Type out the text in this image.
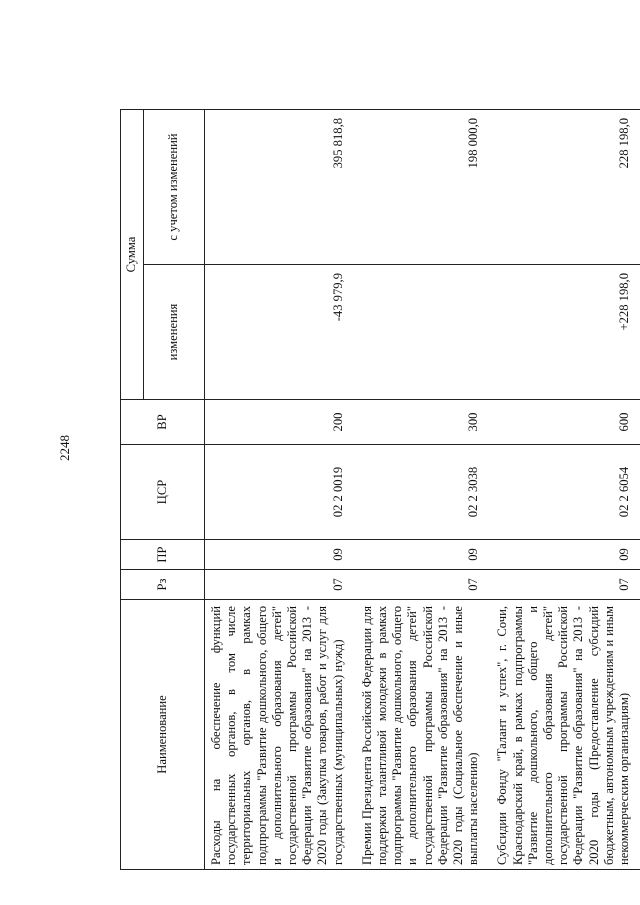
2248
Наименование	Рз	ПР	ЦСР	ВР	Сумма	
					изменения	с учетом изменений
Расходы на обеспечение функций государственных органов, в том числе территориальных органов, в рамках подпрограммы "Развитие дошкольного, общего и дополнительного образования детей" государственной программы Российской Федерации "Развитие образования" на 2013 - 2020 годы (Закупка товаров, работ и услуг для государственных (муниципальных) нужд)	07	09	02 2 0019	200	-43 979,9	395 818,8
Премии Президента Российской Федерации для поддержки талантливой молодежи в рамках подпрограммы "Развитие дошкольного, общего и дополнительного образования детей" государственной программы Российской Федерации "Развитие образования" на 2013 - 2020 годы (Социальное обеспечение и иные выплаты населению)	07	09	02 2 3038	300		198 000,0
Субсидии Фонду "Талант и успех", г. Сочи, Краснодарский край, в рамках подпрограммы "Развитие дошкольного, общего и дополнительного образования детей" государственной программы Российской Федерации "Развитие образования" на 2013 - 2020 годы (Предоставление субсидий бюджетным, автономным учреждениям и иным некоммерческим организациям)	07	09	02 2 6054	600	+228 198,0	228 198,0
